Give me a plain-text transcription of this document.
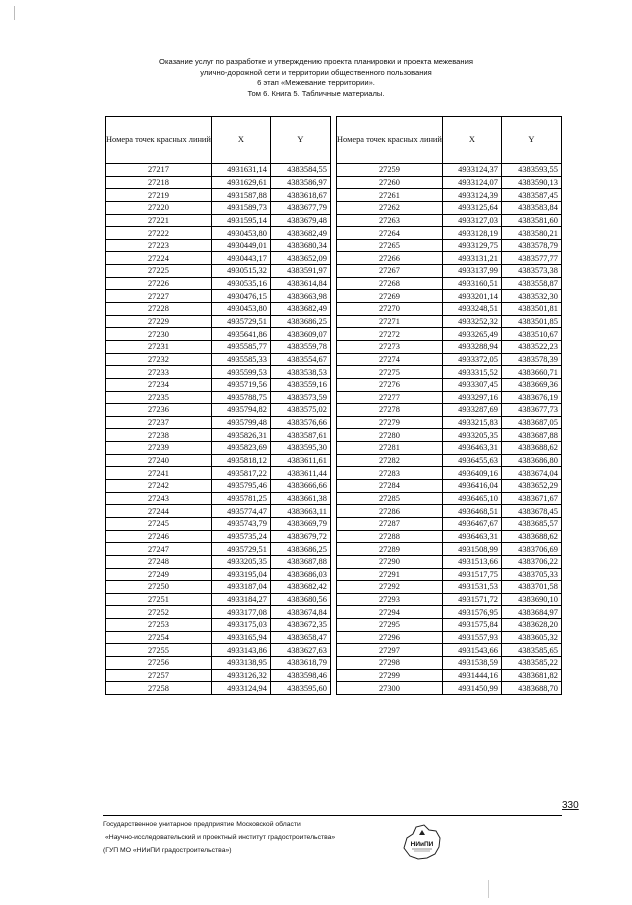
Оказание услуг по разработке и утверждению проекта планировки и проекта межевания
улично-дорожной сети и территории общественного пользования
6 этап «Межевание территории».
Том 6. Книга 5. Табличные материалы.
Номера точек красных линий	X	Y
27217	4931631,14	4383584,55
27218	4931629,61	4383586,97
27219	4931587,88	4383618,67
27220	4931589,73	4383677,79
27221	4931595,14	4383679,48
27222	4930453,80	4383682,49
27223	4930449,01	4383680,34
27224	4930443,17	4383652,09
27225	4930515,32	4383591,97
27226	4930535,16	4383614,84
27227	4930476,15	4383663,98
27228	4930453,80	4383682,49
27229	4935729,51	4383686,25
27230	4935641,86	4383609,07
27231	4935585,77	4383559,78
27232	4935585,33	4383554,67
27233	4935599,53	4383538,53
27234	4935719,56	4383559,16
27235	4935788,75	4383573,59
27236	4935794,82	4383575,02
27237	4935799,48	4383576,66
27238	4935826,31	4383587,61
27239	4935823,69	4383595,30
27240	4935818,12	4383611,61
27241	4935817,22	4383611,44
27242	4935795,46	4383666,66
27243	4935781,25	4383661,38
27244	4935774,47	4383663,11
27245	4935743,79	4383669,79
27246	4935735,24	4383679,72
27247	4935729,51	4383686,25
27248	4933205,35	4383687,88
27249	4933195,04	4383686,03
27250	4933187,04	4383682,42
27251	4933184,27	4383680,56
27252	4933177,08	4383674,84
27253	4933175,03	4383672,35
27254	4933165,94	4383658,47
27255	4933143,86	4383627,63
27256	4933138,95	4383618,79
27257	4933126,32	4383598,46
27258	4933124,94	4383595,60
Номера точек красных линий	X	Y
27259	4933124,37	4383593,55
27260	4933124,07	4383590,13
27261	4933124,39	4383587,45
27262	4933125,64	4383583,84
27263	4933127,03	4383581,60
27264	4933128,19	4383580,21
27265	4933129,75	4383578,79
27266	4933131,21	4383577,77
27267	4933137,99	4383573,38
27268	4933160,51	4383558,87
27269	4933201,14	4383532,30
27270	4933248,51	4383501,81
27271	4933252,32	4383501,85
27272	4933265,49	4383510,67
27273	4933288,94	4383522,23
27274	4933372,05	4383578,39
27275	4933315,52	4383660,71
27276	4933307,45	4383669,36
27277	4933297,16	4383676,19
27278	4933287,69	4383677,73
27279	4933215,83	4383687,05
27280	4933205,35	4383687,88
27281	4936463,31	4383688,62
27282	4936455,63	4383686,80
27283	4936409,16	4383674,04
27284	4936416,04	4383652,29
27285	4936465,10	4383671,67
27286	4936468,51	4383678,45
27287	4936467,67	4383685,57
27288	4936463,31	4383688,62
27289	4931508,99	4383706,69
27290	4931513,66	4383706,22
27291	4931517,75	4383705,33
27292	4931531,53	4383701,58
27293	4931571,72	4383690,10
27294	4931576,95	4383684,97
27295	4931575,84	4383628,20
27296	4931557,93	4383605,32
27297	4931543,66	4383585,65
27298	4931538,59	4383585,22
27299	4931444,16	4383681,82
27300	4931450,99	4383688,70
330
Государственное унитарное предприятие Московской области
«Научно-исследовательский и проектный институт градостроительства»
(ГУП МО «НИиПИ градостроительства»)
НИиПИ
